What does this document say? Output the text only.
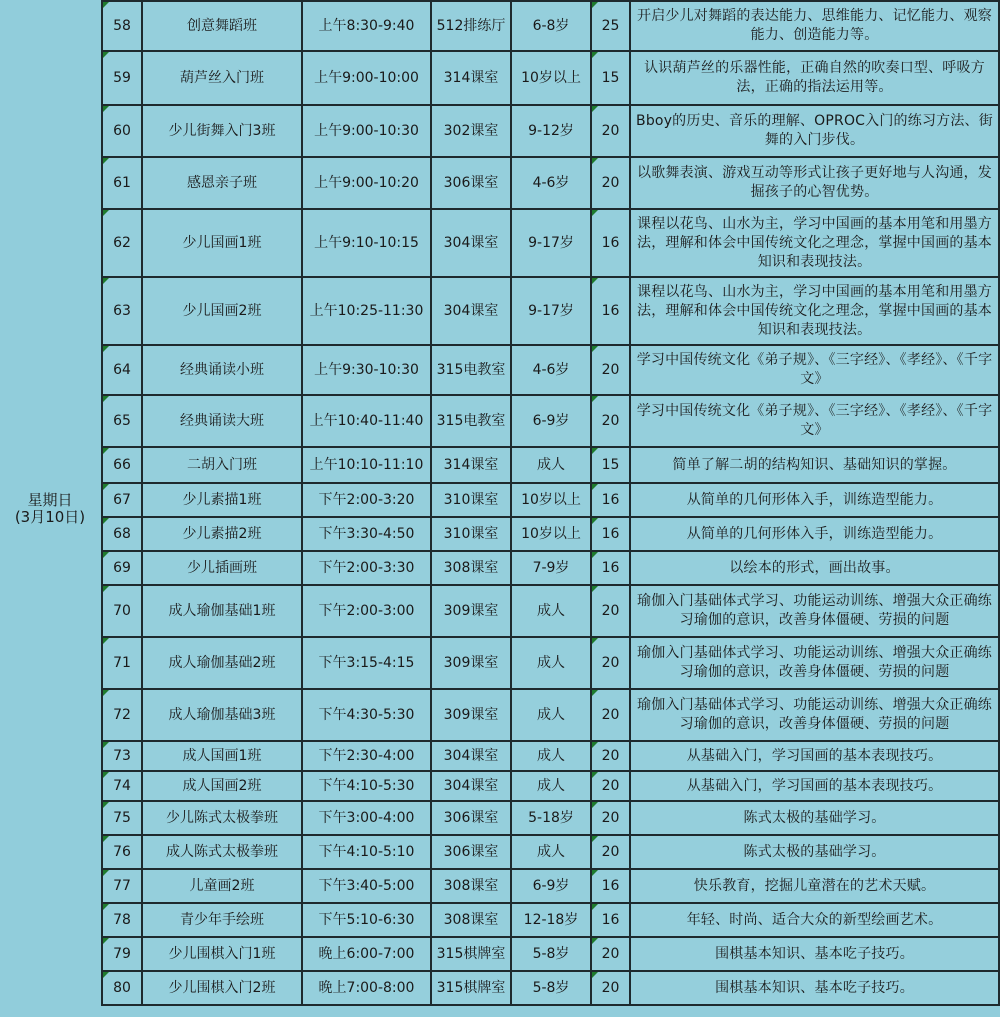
星期日
(3月10日)
58	创意舞蹈班	上午8:30-9:40	512排练厅	6-8岁	25	开启少儿对舞蹈的表达能力、思维能力、记忆能力、观察能力、创造能力等。
59	葫芦丝入门班	上午9:00-10:00	314课室	10岁以上	15	认识葫芦丝的乐器性能，正确自然的吹奏口型、呼吸方法，正确的指法运用等。
60	少儿街舞入门3班	上午9:00-10:30	302课室	9-12岁	20	Bboy的历史、音乐的理解、OPROC入门的练习方法、街舞的入门步伐。
61	感恩亲子班	上午9:00-10:20	306课室	4-6岁	20	以歌舞表演、游戏互动等形式让孩子更好地与人沟通，发掘孩子的心智优势。
62	少儿国画1班	上午9:10-10:15	304课室	9-17岁	16	课程以花鸟、山水为主，学习中国画的基本用笔和用墨方法，理解和体会中国传统文化之理念，掌握中国画的基本知识和表现技法。
63	少儿国画2班	上午10:25-11:30	304课室	9-17岁	16	课程以花鸟、山水为主，学习中国画的基本用笔和用墨方法，理解和体会中国传统文化之理念，掌握中国画的基本知识和表现技法。
64	经典诵读小班	上午9:30-10:30	315电教室	4-6岁	20	学习中国传统文化《弟子规》、《三字经》、《孝经》、《千字文》
65	经典诵读大班	上午10:40-11:40	315电教室	6-9岁	20	学习中国传统文化《弟子规》、《三字经》、《孝经》、《千字文》
66	二胡入门班	上午10:10-11:10	314课室	成人	15	简单了解二胡的结构知识、基础知识的掌握。
67	少儿素描1班	下午2:00-3:20	310课室	10岁以上	16	从简单的几何形体入手，训练造型能力。
68	少儿素描2班	下午3:30-4:50	310课室	10岁以上	16	从简单的几何形体入手，训练造型能力。
69	少儿插画班	下午2:00-3:30	308课室	7-9岁	16	以绘本的形式，画出故事。
70	成人瑜伽基础1班	下午2:00-3:00	309课室	成人	20	瑜伽入门基础体式学习、功能运动训练、增强大众正确练习瑜伽的意识，改善身体僵硬、劳损的问题
71	成人瑜伽基础2班	下午3:15-4:15	309课室	成人	20	瑜伽入门基础体式学习、功能运动训练、增强大众正确练习瑜伽的意识，改善身体僵硬、劳损的问题
72	成人瑜伽基础3班	下午4:30-5:30	309课室	成人	20	瑜伽入门基础体式学习、功能运动训练、增强大众正确练习瑜伽的意识，改善身体僵硬、劳损的问题
73	成人国画1班	下午2:30-4:00	304课室	成人	20	从基础入门，学习国画的基本表现技巧。
74	成人国画2班	下午4:10-5:30	304课室	成人	20	从基础入门，学习国画的基本表现技巧。
75	少儿陈式太极拳班	下午3:00-4:00	306课室	5-18岁	20	陈式太极的基础学习。
76	成人陈式太极拳班	下午4:10-5:10	306课室	成人	20	陈式太极的基础学习。
77	儿童画2班	下午3:40-5:00	308课室	6-9岁	16	快乐教育，挖掘儿童潜在的艺术天赋。
78	青少年手绘班	下午5:10-6:30	308课室	12-18岁	16	年轻、时尚、适合大众的新型绘画艺术。
79	少儿围棋入门1班	晚上6:00-7:00	315棋牌室	5-8岁	20	围棋基本知识、基本吃子技巧。
80	少儿围棋入门2班	晚上7:00-8:00	315棋牌室	5-8岁	20	围棋基本知识、基本吃子技巧。
